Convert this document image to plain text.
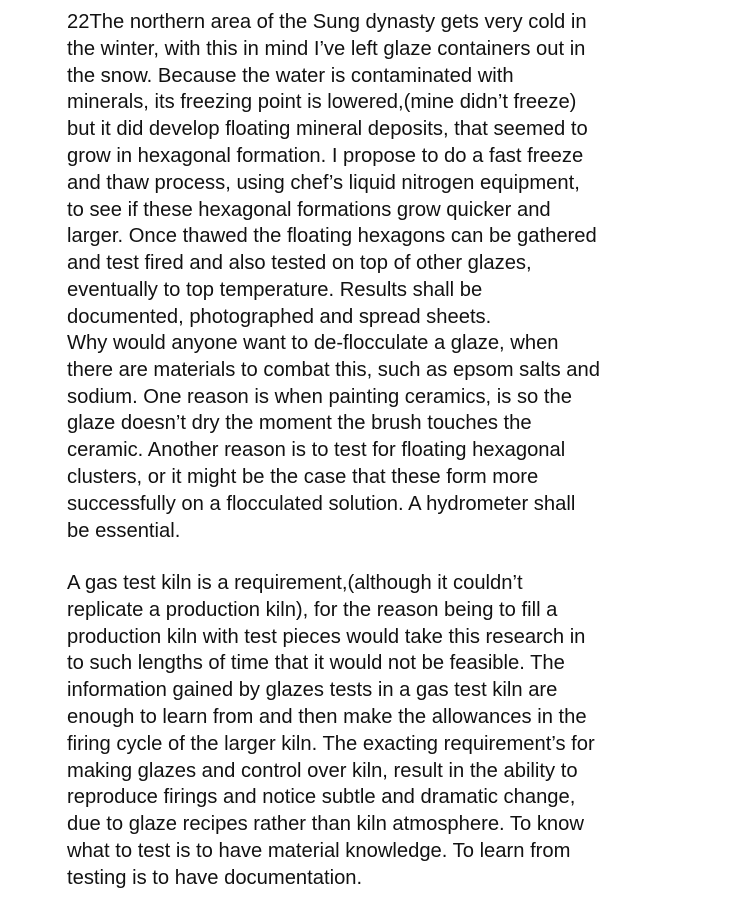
22The northern area of the Sung dynasty gets very cold in
the winter, with this in mind I’ve left glaze containers out in
the snow. Because the water is contaminated with
minerals, its freezing point is lowered,(mine didn’t freeze)
but it did develop floating mineral deposits, that seemed to
grow in hexagonal formation. I propose to do a fast freeze
and thaw process, using chef’s liquid nitrogen equipment,
to see if these hexagonal formations grow quicker and
larger. Once thawed the floating hexagons can be gathered
and test fired and also tested on top of other glazes,
eventually to top temperature. Results shall be
documented, photographed and spread sheets.
Why would anyone want to de-flocculate a glaze, when
there are materials to combat this, such as epsom salts and
sodium. One reason is when painting ceramics, is so the
glaze doesn’t dry the moment the brush touches the
ceramic. Another reason is to test for floating hexagonal
clusters, or it might be the case that these form more
successfully on a flocculated solution. A hydrometer shall
be essential.
A gas test kiln is a requirement,(although it couldn’t
replicate a production kiln), for the reason being to fill a
production kiln with test pieces would take this research in
to such lengths of time that it would not be feasible. The
information gained by glazes tests in a gas test kiln are
enough to learn from and then make the allowances in the
firing cycle of the larger kiln. The exacting requirement’s for
making glazes and control over kiln, result in the ability to
reproduce firings and notice subtle and dramatic change,
due to glaze recipes rather than kiln atmosphere. To know
what to test is to have material knowledge. To learn from
testing is to have documentation.
